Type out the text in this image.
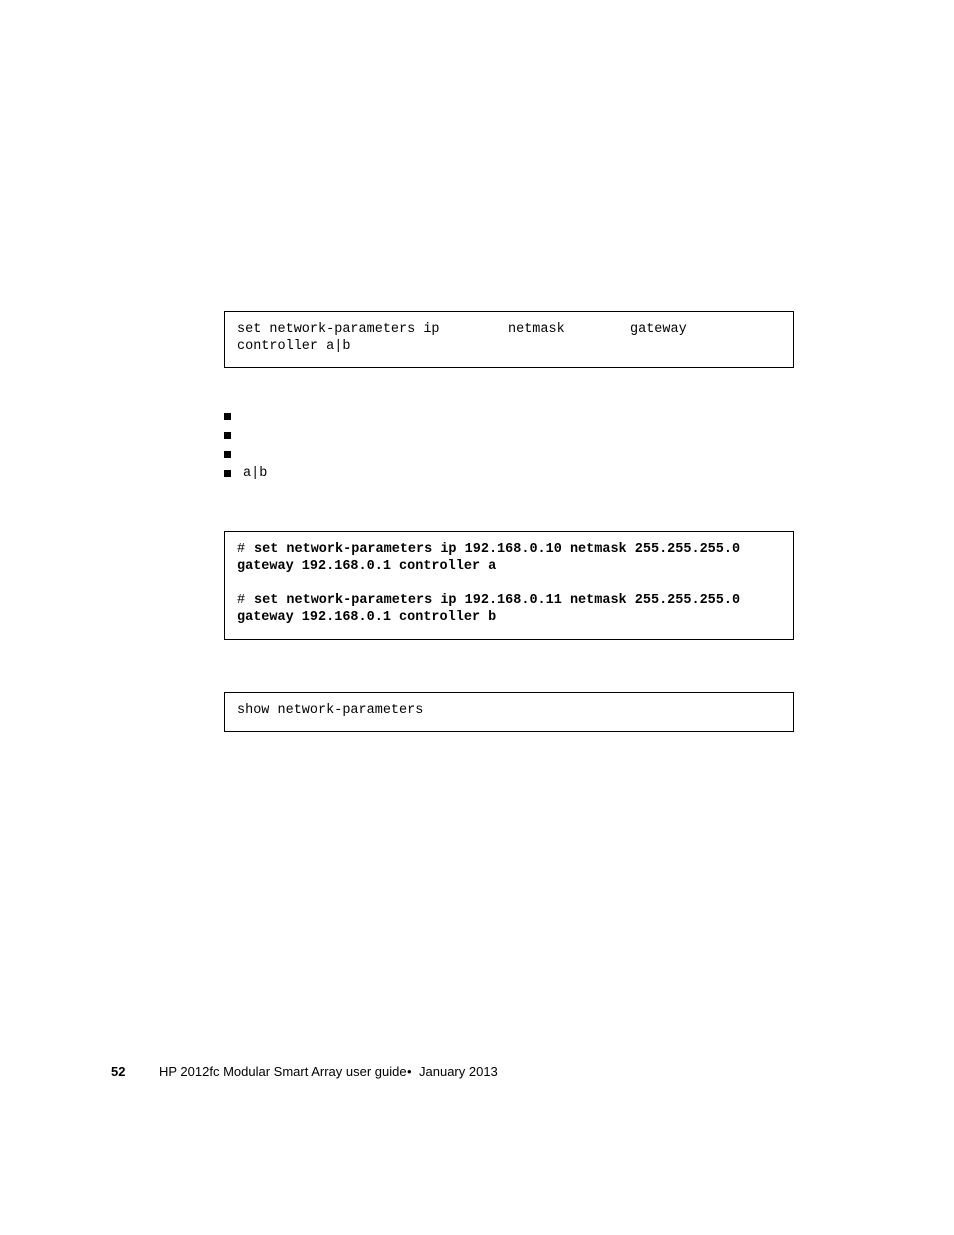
set network-parameters ip	netmask	gateway
controller a|b
a|b
# set network-parameters ip 192.168.0.10 netmask 255.255.255.0
gateway 192.168.0.1 controller a
# set network-parameters ip 192.168.0.11 netmask 255.255.255.0
gateway 192.168.0.1 controller b
show network-parameters
52	HP 2012fc Modular Smart Array user guide • January 2013
